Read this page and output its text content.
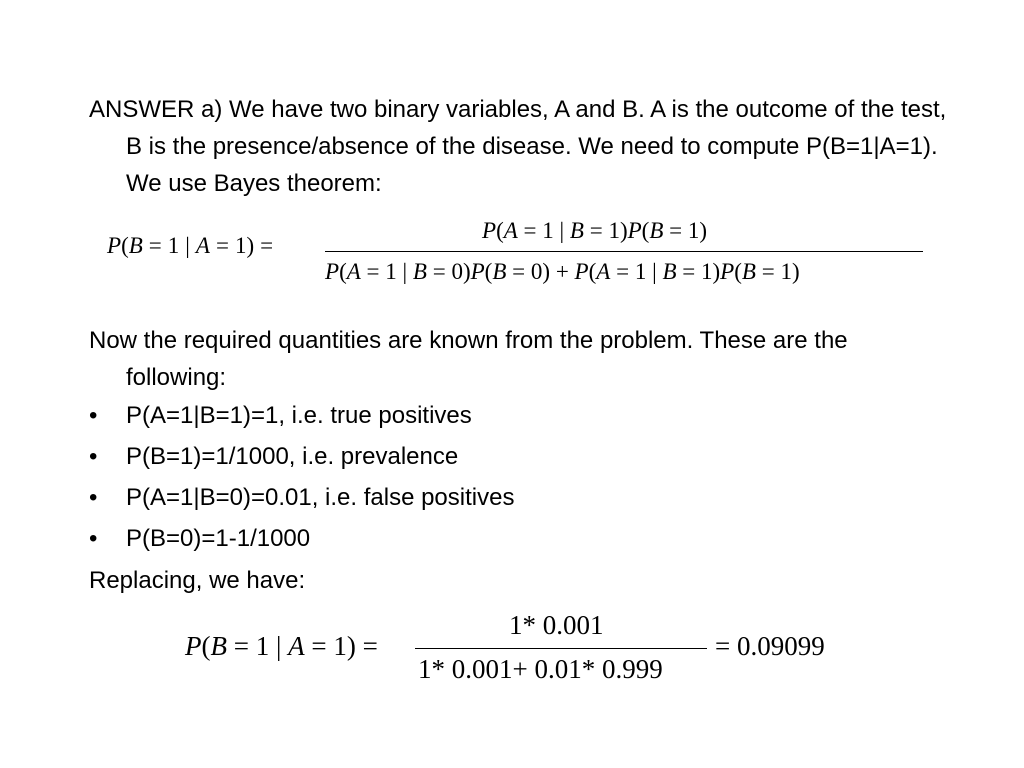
ANSWER a) We have two binary variables, A and B. A is the outcome of the test, B is the presence/absence of the disease. We need to compute P(B=1|A=1). We use Bayes theorem:
P(B = 1 | A = 1) =
P(A = 1 | B = 1)P(B = 1)
P(A = 1 | B = 0)P(B = 0) + P(A = 1 | B = 1)P(B = 1)
Now the required quantities are known from the problem. These are the following:
• P(A=1|B=1)=1, i.e. true positives
• P(B=1)=1/1000, i.e. prevalence
• P(A=1|B=0)=0.01, i.e. false positives
• P(B=0)=1-1/1000
Replacing, we have:
P(B = 1 | A = 1) =
1* 0.001
1* 0.001+ 0.01* 0.999
= 0.09099
